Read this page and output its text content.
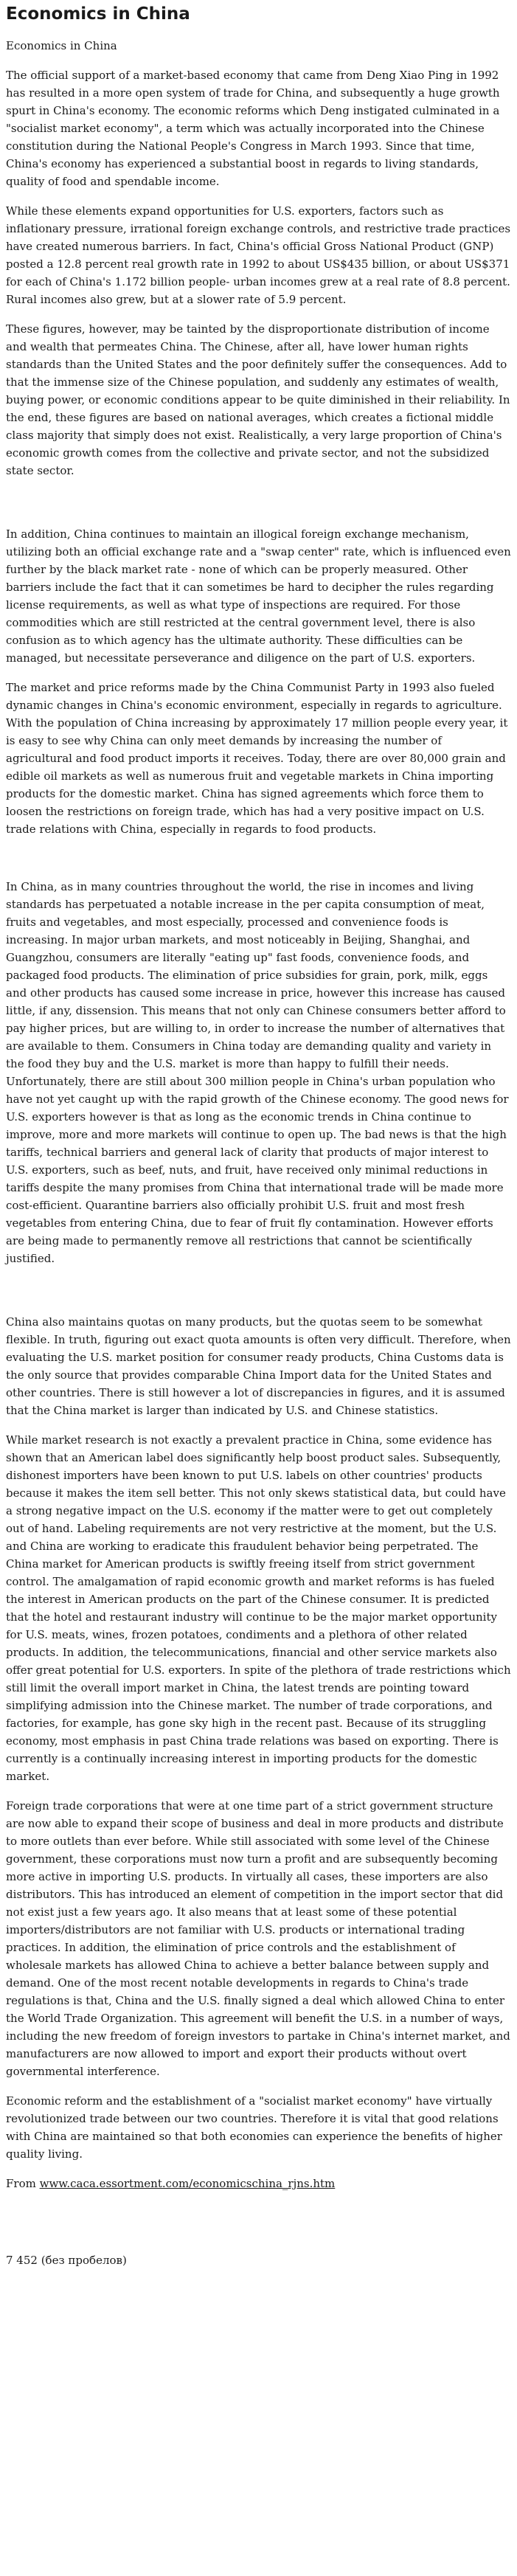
Economics in China
Economics in China

The official support of a market-based economy that came from Deng Xiao Ping in 1992 has resulted in a more open system of trade for China, and subsequently a huge growth spurt in China's economy. The economic reforms which Deng instigated culminated in a "socialist market economy", a term which was actually incorporated into the Chinese constitution during the National People's Congress in March 1993. Since that time, China's economy has experienced a substantial boost in regards to living standards, quality of food and spendable income.

While these elements expand opportunities for U.S. exporters, factors such as inflationary pressure, irrational foreign exchange controls, and restrictive trade practices have created numerous barriers. In fact, China's official Gross National Product (GNP) posted a 12.8 percent real growth rate in 1992 to about US$435 billion, or about US$371 for each of China's 1.172 billion people- urban incomes grew at a real rate of 8.8 percent. Rural incomes also grew, but at a slower rate of 5.9 percent.

These figures, however, may be tainted by the disproportionate distribution of income and wealth that permeates China. The Chinese, after all, have lower human rights standards than the United States and the poor definitely suffer the consequences. Add to that the immense size of the Chinese population, and suddenly any estimates of wealth, buying power, or economic conditions appear to be quite diminished in their reliability. In the end, these figures are based on national averages, which creates a fictional middle class majority that simply does not exist. Realistically, a very large proportion of China's economic growth comes from the collective and private sector, and not the subsidized state sector.

In addition, China continues to maintain an illogical foreign exchange mechanism, utilizing both an official exchange rate and a "swap center" rate, which is influenced even further by the black market rate - none of which can be properly measured. Other barriers include the fact that it can sometimes be hard to decipher the rules regarding license requirements, as well as what type of inspections are required. For those commodities which are still restricted at the central government level, there is also confusion as to which agency has the ultimate authority. These difficulties can be managed, but necessitate perseverance and diligence on the part of U.S. exporters.

The market and price reforms made by the China Communist Party in 1993 also fueled dynamic changes in China's economic environment, especially in regards to agriculture. With the population of China increasing by approximately 17 million people every year, it is easy to see why China can only meet demands by increasing the number of agricultural and food product imports it receives. Today, there are over 80,000 grain and edible oil markets as well as numerous fruit and vegetable markets in China importing products for the domestic market. China has signed agreements which force them to loosen the restrictions on foreign trade, which has had a very positive impact on U.S. trade relations with China, especially in regards to food products.

In China, as in many countries throughout the world, the rise in incomes and living standards has perpetuated a notable increase in the per capita consumption of meat, fruits and vegetables, and most especially, processed and convenience foods is increasing. In major urban markets, and most noticeably in Beijing, Shanghai, and Guangzhou, consumers are literally "eating up" fast foods, convenience foods, and packaged food products. The elimination of price subsidies for grain, pork, milk, eggs and other products has caused some increase in price, however this increase has caused little, if any, dissension. This means that not only can Chinese consumers better afford to pay higher prices, but are willing to, in order to increase the number of alternatives that are available to them. Consumers in China today are demanding quality and variety in the food they buy and the U.S. market is more than happy to fulfill their needs. Unfortunately, there are still about 300 million people in China's urban population who have not yet caught up with the rapid growth of the Chinese economy. The good news for U.S. exporters however is that as long as the economic trends in China continue to improve, more and more markets will continue to open up. The bad news is that the high tariffs, technical barriers and general lack of clarity that products of major interest to U.S. exporters, such as beef, nuts, and fruit, have received only minimal reductions in tariffs despite the many promises from China that international trade will be made more cost-efficient. Quarantine barriers also officially prohibit U.S. fruit and most fresh vegetables from entering China, due to fear of fruit fly contamination. However efforts are being made to permanently remove all restrictions that cannot be scientifically justified.

China also maintains quotas on many products, but the quotas seem to be somewhat flexible. In truth, figuring out exact quota amounts is often very difficult. Therefore, when evaluating the U.S. market position for consumer ready products, China Customs data is the only source that provides comparable China Import data for the United States and other countries. There is still however a lot of discrepancies in figures, and it is assumed that the China market is larger than indicated by U.S. and Chinese statistics.

While market research is not exactly a prevalent practice in China, some evidence has shown that an American label does significantly help boost product sales. Subsequently, dishonest importers have been known to put U.S. labels on other countries' products because it makes the item sell better. This not only skews statistical data, but could have a strong negative impact on the U.S. economy if the matter were to get out completely out of hand. Labeling requirements are not very restrictive at the moment, but the U.S. and China are working to eradicate this fraudulent behavior being perpetrated. The China market for American products is swiftly freeing itself from strict government control. The amalgamation of rapid economic growth and market reforms is has fueled the interest in American products on the part of the Chinese consumer. It is predicted that the hotel and restaurant industry will continue to be the major market opportunity for U.S. meats, wines, frozen potatoes, condiments and a plethora of other related products. In addition, the telecommunications, financial and other service markets also offer great potential for U.S. exporters. In spite of the plethora of trade restrictions which still limit the overall import market in China, the latest trends are pointing toward simplifying admission into the Chinese market. The number of trade corporations, and factories, for example, has gone sky high in the recent past. Because of its struggling economy, most emphasis in past China trade relations was based on exporting. There is currently is a continually increasing interest in importing products for the domestic market.

Foreign trade corporations that were at one time part of a strict government structure are now able to expand their scope of business and deal in more products and distribute to more outlets than ever before. While still associated with some level of the Chinese government, these corporations must now turn a profit and are subsequently becoming more active in importing U.S. products. In virtually all cases, these importers are also distributors. This has introduced an element of competition in the import sector that did not exist just a few years ago. It also means that at least some of these potential importers/distributors are not familiar with U.S. products or international trading practices. In addition, the elimination of price controls and the establishment of wholesale markets has allowed China to achieve a better balance between supply and demand. One of the most recent notable developments in regards to China's trade regulations is that, China and the U.S. finally signed a deal which allowed China to enter the World Trade Organization. This agreement will benefit the U.S. in a number of ways, including the new freedom of foreign investors to partake in China's internet market, and manufacturers are now allowed to import and export their products without overt governmental interference.

Economic reform and the establishment of a "socialist market economy" have virtually revolutionized trade between our two countries. Therefore it is vital that good relations with China are maintained so that both economies can experience the benefits of higher quality living.

From www.caca.essortment.com/economicschina_rjns.htm

7 452 (без пробелов)
